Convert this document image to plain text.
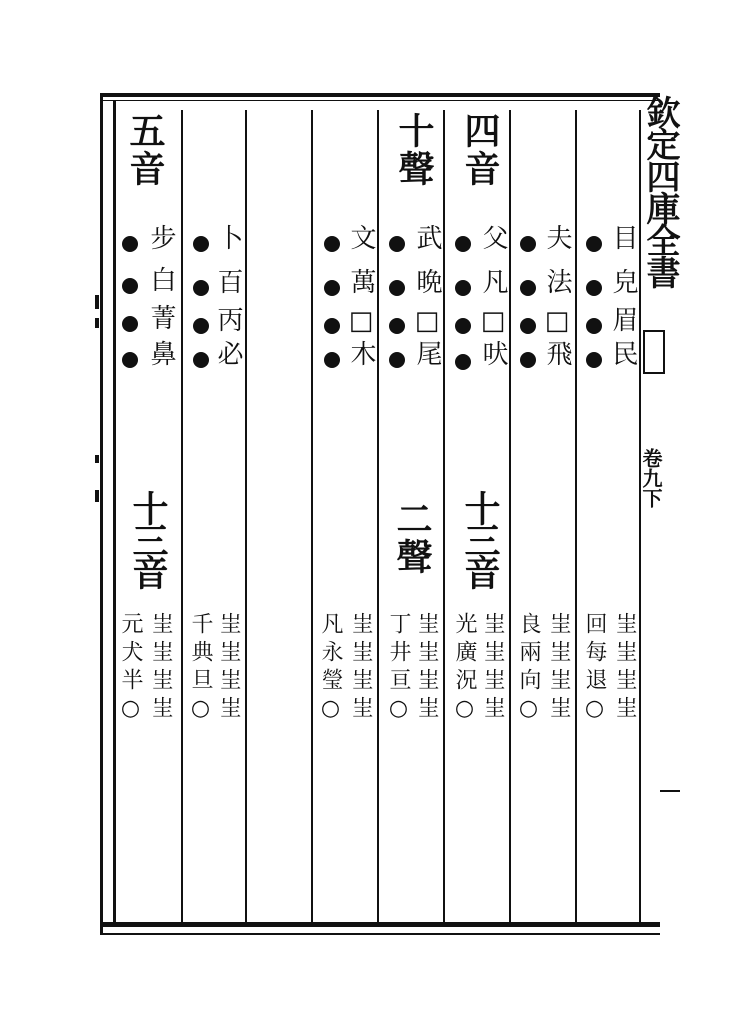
欽定四庫全書
卷九下
五音
步
白
菁
鼻
十三音
元犬半○
㞷㞷㞷㞷
卜
百
丙
必
千典旦○
㞷㞷㞷㞷
文
萬
□
木
凡永瑩○
㞷㞷㞷㞷
十聲
武
晩
□
尾
二聲
丁井亘○
㞷㞷㞷㞷
四音
父
凡
□
吠
十三音
光廣況○
㞷㞷㞷㞷
夫
法
□
飛
良兩向○
㞷㞷㞷㞷
目
皃
眉
民
回每退○
㞷㞷㞷㞷
